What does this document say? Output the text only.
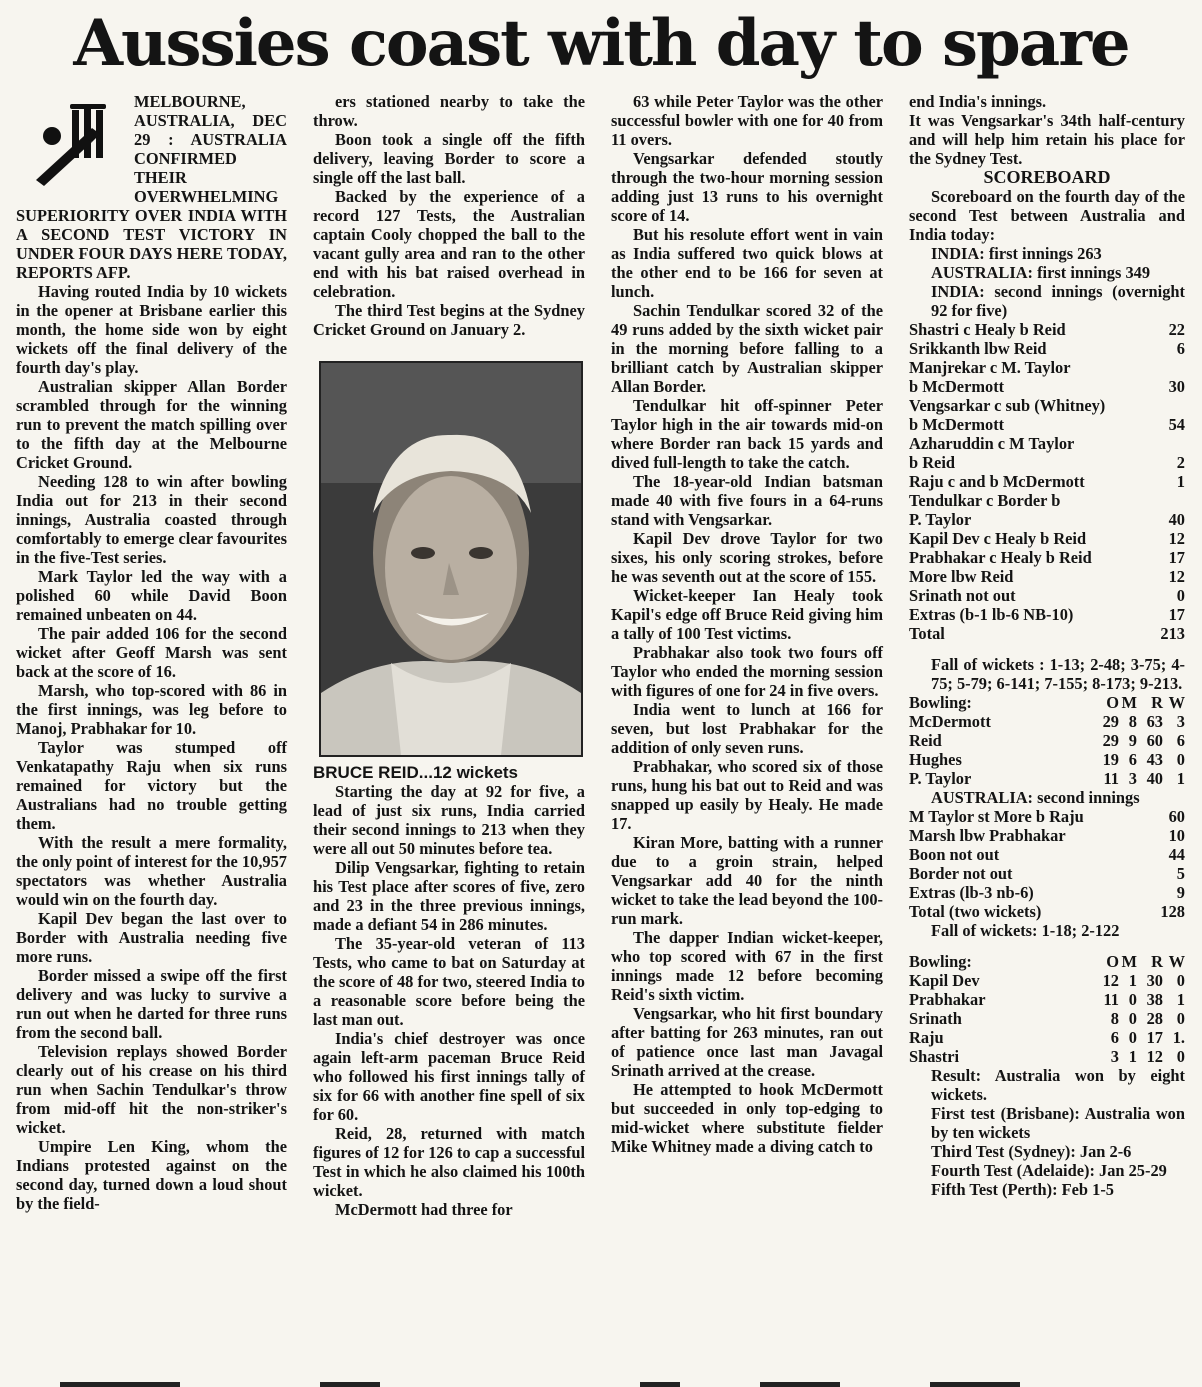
Aussies coast with day to spare

MELBOURNE, AUSTRALIA, DEC 29 : AUSTRALIA CONFIRMED THEIR OVERWHELMING SUPERIORITY OVER INDIA WITH A SECOND TEST VICTORY IN UNDER FOUR DAYS HERE TODAY, REPORTS AFP.

Having routed India by 10 wickets in the opener at Brisbane earlier this month, the home side won by eight wickets off the final delivery of the fourth day's play.

Australian skipper Allan Border scrambled through for the winning run to prevent the match spilling over to the fifth day at the Melbourne Cricket Ground.

Needing 128 to win after bowling India out for 213 in their second innings, Australia coasted through comfortably to emerge clear favourites in the five-Test series.

Mark Taylor led the way with a polished 60 while David Boon remained unbeaten on 44.

The pair added 106 for the second wicket after Geoff Marsh was sent back at the score of 16.

Marsh, who top-scored with 86 in the first innings, was leg before to Manoj, Prabhakar for 10.

Taylor was stumped off Venkatapathy Raju when six runs remained for victory but the Australians had no trouble getting them.

With the result a mere formality, the only point of interest for the 10,957 spectators was whether Australia would win on the fourth day.

Kapil Dev began the last over to Border with Australia needing five more runs.

Border missed a swipe off the first delivery and was lucky to survive a run out when he darted for three runs from the second ball.

Television replays showed Border clearly out of his crease on his third run when Sachin Tendulkar's throw from mid-off hit the non-striker's wicket.

Umpire Len King, whom the Indians protested against on the second day, turned down a loud shout by the field-

ers stationed nearby to take the throw.

Boon took a single off the fifth delivery, leaving Border to score a single off the last ball.

Backed by the experience of a record 127 Tests, the Australian captain Cooly chopped the ball to the vacant gully area and ran to the other end with his bat raised overhead in celebration.

The third Test begins at the Sydney Cricket Ground on January 2.

BRUCE REID...12 wickets

Starting the day at 92 for five, a lead of just six runs, India carried their second innings to 213 when they were all out 50 minutes before tea.

Dilip Vengsarkar, fighting to retain his Test place after scores of five, zero and 23 in the three previous innings, made a defiant 54 in 286 minutes.

The 35-year-old veteran of 113 Tests, who came to bat on Saturday at the score of 48 for two, steered India to a reasonable score before being the last man out.

India's chief destroyer was once again left-arm paceman Bruce Reid who followed his first innings tally of six for 66 with another fine spell of six for 60.

Reid, 28, returned with match figures of 12 for 126 to cap a successful Test in which he also claimed his 100th wicket.

McDermott had three for

63 while Peter Taylor was the other successful bowler with one for 40 from 11 overs.

Vengsarkar defended stoutly through the two-hour morning session adding just 13 runs to his overnight score of 14.

But his resolute effort went in vain as India suffered two quick blows at the other end to be 166 for seven at lunch.

Sachin Tendulkar scored 32 of the 49 runs added by the sixth wicket pair in the morning before falling to a brilliant catch by Australian skipper Allan Border.

Tendulkar hit off-spinner Peter Taylor high in the air towards mid-on where Border ran back 15 yards and dived full-length to take the catch.

The 18-year-old Indian batsman made 40 with five fours in a 64-runs stand with Vengsarkar.

Kapil Dev drove Taylor for two sixes, his only scoring strokes, before he was seventh out at the score of 155.

Wicket-keeper Ian Healy took Kapil's edge off Bruce Reid giving him a tally of 100 Test victims.

Prabhakar also took two fours off Taylor who ended the morning session with figures of one for 24 in five overs.

India went to lunch at 166 for seven, but lost Prabhakar for the addition of only seven runs.

Prabhakar, who scored six of those runs, hung his bat out to Reid and was snapped up easily by Healy. He made 17.

Kiran More, batting with a runner due to a groin strain, helped Vengsarkar add 40 for the ninth wicket to take the lead beyond the 100-run mark.

The dapper Indian wicket-keeper, who top scored with 67 in the first innings made 12 before becoming Reid's sixth victim.

Vengsarkar, who hit first boundary after batting for 263 minutes, ran out of patience once last man Javagal Srinath arrived at the crease.

He attempted to hook McDermott but succeeded in only top-edging to mid-wicket where substitute fielder Mike Whitney made a diving catch to

end India's innings.

It was Vengsarkar's 34th half-century and will help him retain his place for the Sydney Test.

SCOREBOARD

Scoreboard on the fourth day of the second Test between Australia and India today:

INDIA: first innings 263

AUSTRALIA: first innings 349

INDIA: second innings (overnight 92 for five)

Shastri c Healy b Reid	22
Srikkanth lbw Reid	6
Manjrekar c M. Taylor
b McDermott	30
Vengsarkar c sub (Whitney)
b McDermott	54
Azharuddin c M Taylor
b Reid	2
Raju c and b McDermott	1
Tendulkar c Border b
P. Taylor	40
Kapil Dev c Healy b Reid	12
Prabhakar c Healy b Reid	17
More lbw Reid	12
Srinath not out	0
Extras (b-1 lb-6 NB-10)	17
Total	213

Fall of wickets : 1-13; 2-48; 3-75; 4-75; 5-79; 6-141; 7-155; 8-173; 9-213.

Bowling:	O M R W
McDermott	29 8 63 3
Reid	29 9 60 6
Hughes	19 6 43 0
P. Taylor	11 3 40 1

AUSTRALIA: second innings

M Taylor st More b Raju	60
Marsh lbw Prabhakar	10
Boon not out	44
Border not out	5
Extras (lb-3 nb-6)	9
Total (two wickets)	128

Fall of wickets: 1-18; 2-122

Bowling:	O M R W
Kapil Dev	12 1 30 0
Prabhakar	11 0 38 1
Srinath	8 0 28 0
Raju	6 0 17 1.
Shastri	3 1 12 0

Result: Australia won by eight wickets.

First test (Brisbane): Australia won by ten wickets

Third Test (Sydney): Jan 2-6

Fourth Test (Adelaide): Jan 25-29

Fifth Test (Perth): Feb 1-5
